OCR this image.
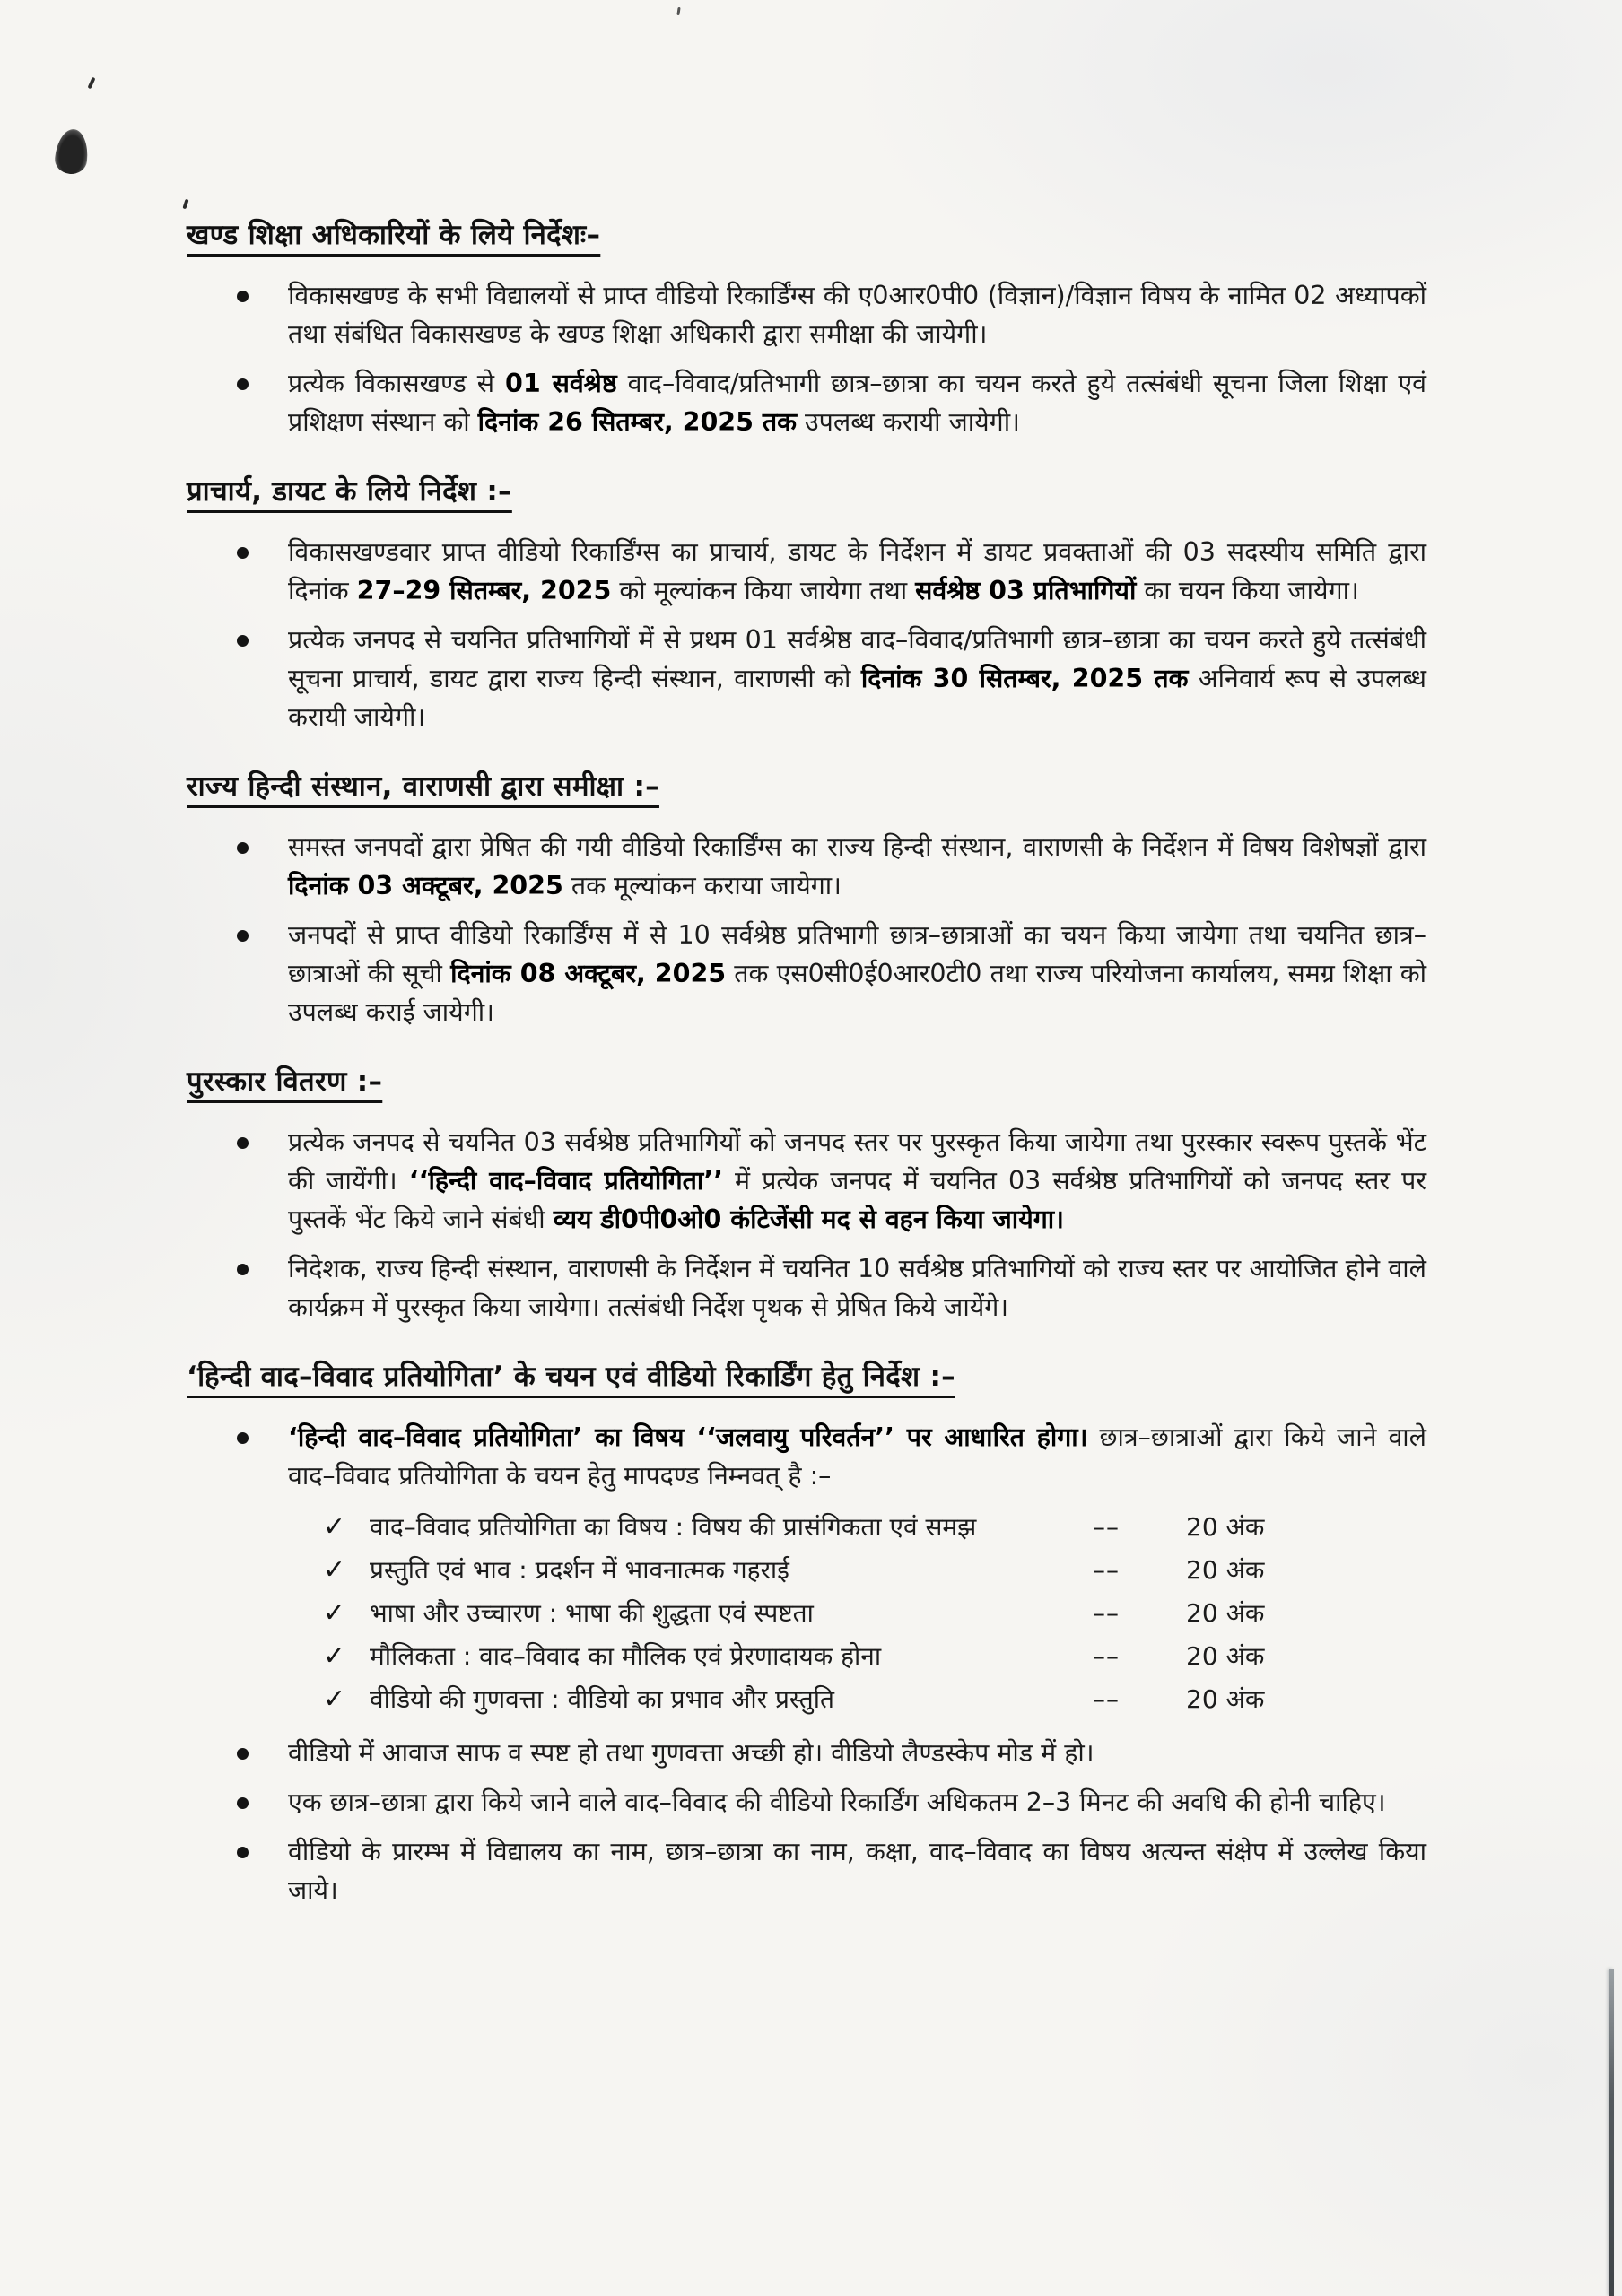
खण्ड शिक्षा अधिकारियों के लिये निर्देशः–

विकासखण्ड के सभी विद्यालयों से प्राप्त वीडियो रिकार्डिंग्स की ए0आर0पी0 (विज्ञान)/विज्ञान विषय के नामित 02 अध्यापकों तथा संबंधित विकासखण्ड के खण्ड शिक्षा अधिकारी द्वारा समीक्षा की जायेगी।

प्रत्येक विकासखण्ड से 01 सर्वश्रेष्ठ वाद–विवाद/प्रतिभागी छात्र–छात्रा का चयन करते हुये तत्संबंधी सूचना जिला शिक्षा एवं प्रशिक्षण संस्थान को दिनांक 26 सितम्बर, 2025 तक उपलब्ध करायी जायेगी।

प्राचार्य, डायट के लिये निर्देश :–

विकासखण्डवार प्राप्त वीडियो रिकार्डिंग्स का प्राचार्य, डायट के निर्देशन में डायट प्रवक्ताओं की 03 सदस्यीय समिति द्वारा दिनांक 27–29 सितम्बर, 2025 को मूल्यांकन किया जायेगा तथा सर्वश्रेष्ठ 03 प्रतिभागियों का चयन किया जायेगा।

प्रत्येक जनपद से चयनित प्रतिभागियों में से प्रथम 01 सर्वश्रेष्ठ वाद–विवाद/प्रतिभागी छात्र–छात्रा का चयन करते हुये तत्संबंधी सूचना प्राचार्य, डायट द्वारा राज्य हिन्दी संस्थान, वाराणसी को दिनांक 30 सितम्बर, 2025 तक अनिवार्य रूप से उपलब्ध करायी जायेगी।

राज्य हिन्दी संस्थान, वाराणसी द्वारा समीक्षा :–

समस्त जनपदों द्वारा प्रेषित की गयी वीडियो रिकार्डिंग्स का राज्य हिन्दी संस्थान, वाराणसी के निर्देशन में विषय विशेषज्ञों द्वारा दिनांक 03 अक्टूबर, 2025 तक मूल्यांकन कराया जायेगा।

जनपदों से प्राप्त वीडियो रिकार्डिंग्स में से 10 सर्वश्रेष्ठ प्रतिभागी छात्र–छात्राओं का चयन किया जायेगा तथा चयनित छात्र–छात्राओं की सूची दिनांक 08 अक्टूबर, 2025 तक एस0सी0ई0आर0टी0 तथा राज्य परियोजना कार्यालय, समग्र शिक्षा को उपलब्ध कराई जायेगी।

पुरस्कार वितरण :–

प्रत्येक जनपद से चयनित 03 सर्वश्रेष्ठ प्रतिभागियों को जनपद स्तर पर पुरस्कृत किया जायेगा तथा पुरस्कार स्वरूप पुस्तकें भेंट की जायेंगी। ‘‘हिन्दी वाद–विवाद प्रतियोगिता’’ में प्रत्येक जनपद में चयनित 03 सर्वश्रेष्ठ प्रतिभागियों को जनपद स्तर पर पुस्तकें भेंट किये जाने संबंधी व्यय डी0पी0ओ0 कंटिजेंसी मद से वहन किया जायेगा।

निदेशक, राज्य हिन्दी संस्थान, वाराणसी के निर्देशन में चयनित 10 सर्वश्रेष्ठ प्रतिभागियों को राज्य स्तर पर आयोजित होने वाले कार्यक्रम में पुरस्कृत किया जायेगा। तत्संबंधी निर्देश पृथक से प्रेषित किये जायेंगे।

‘हिन्दी वाद–विवाद प्रतियोगिता’ के चयन एवं वीडियो रिकार्डिंग हेतु निर्देश :–

‘हिन्दी वाद–विवाद प्रतियोगिता’ का विषय ‘‘जलवायु परिवर्तन’’ पर आधारित होगा। छात्र–छात्राओं द्वारा किये जाने वाले वाद–विवाद प्रतियोगिता के चयन हेतु मापदण्ड निम्नवत् है :–

✓ वाद–विवाद प्रतियोगिता का विषय : विषय की प्रासंगिकता एवं समझ	––	20 अंक
✓ प्रस्तुति एवं भाव : प्रदर्शन में भावनात्मक गहराई	––	20 अंक
✓ भाषा और उच्चारण : भाषा की शुद्धता एवं स्पष्टता	––	20 अंक
✓ मौलिकता : वाद–विवाद का मौलिक एवं प्रेरणादायक होना	––	20 अंक
✓ वीडियो की गुणवत्ता : वीडियो का प्रभाव और प्रस्तुति	––	20 अंक

वीडियो में आवाज साफ व स्पष्ट हो तथा गुणवत्ता अच्छी हो। वीडियो लैण्डस्केप मोड में हो।

एक छात्र–छात्रा द्वारा किये जाने वाले वाद–विवाद की वीडियो रिकार्डिंग अधिकतम 2–3 मिनट की अवधि की होनी चाहिए।

वीडियो के प्रारम्भ में विद्यालय का नाम, छात्र–छात्रा का नाम, कक्षा, वाद–विवाद का विषय अत्यन्त संक्षेप में उल्लेख किया जाये।
